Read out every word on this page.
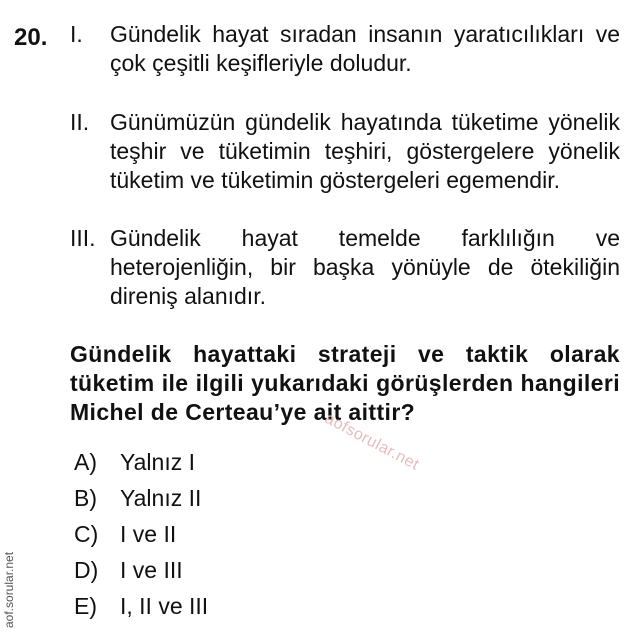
20. I. Gündelik hayat sıradan insanın yaratıcılıkları ve çok çeşitli keşifleriyle doludur.
II. Günümüzün gündelik hayatında tüketime yönelik teşhir ve tüketimin teşhiri, göstergelere yönelik tüketim ve tüketimin göstergeleri egemendir.
III. Gündelik hayat temelde farklılığın ve heterojenliğin, bir başka yönüyle de ötekiliğin direniş alanıdır.
Gündelik hayattaki strateji ve taktik olarak tüketim ile ilgili yukarıdaki görüşlerden hangileri Michel de Certeau’ye ait aittir?
A) Yalnız I
B) Yalnız II
C) I ve II
D) I ve III
E) I, II ve III
aofsorular.net
aof.sorular.net
